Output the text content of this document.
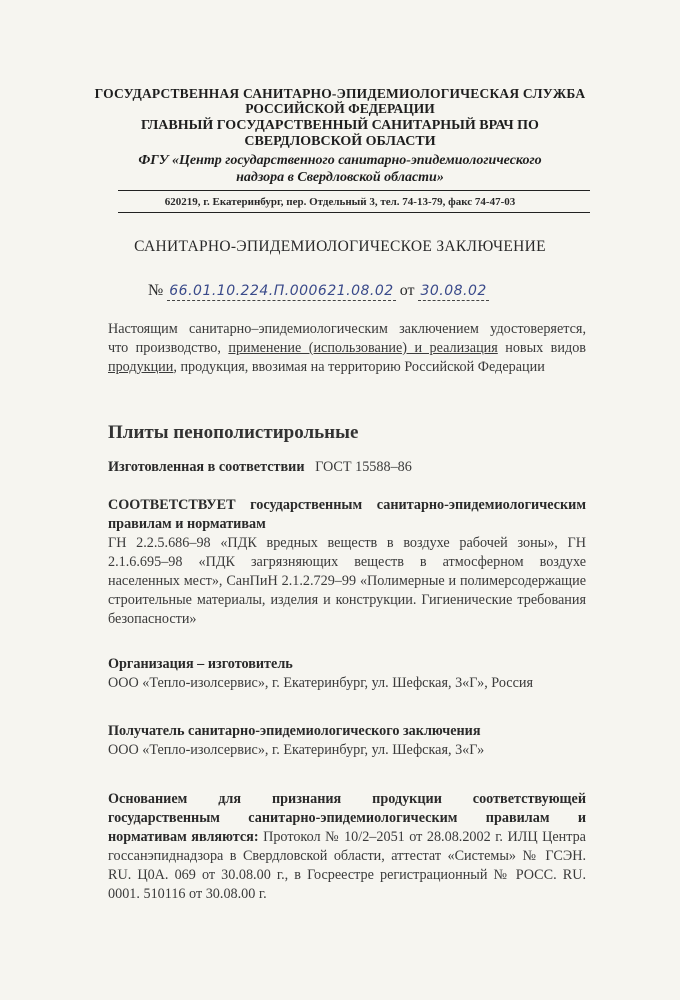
ГОСУДАРСТВЕННАЯ САНИТАРНО-ЭПИДЕМИОЛОГИЧЕСКАЯ СЛУЖБА
РОССИЙСКОЙ ФЕДЕРАЦИИ
ГЛАВНЫЙ ГОСУДАРСТВЕННЫЙ САНИТАРНЫЙ ВРАЧ ПО
СВЕРДЛОВСКОЙ ОБЛАСТИ
ФГУ «Центр государственного санитарно-эпидемиологического
надзора в Свердловской области»
620219, г. Екатеринбург, пер. Отдельный 3, тел. 74-13-79, факс 74-47-03
САНИТАРНО-ЭПИДЕМИОЛОГИЧЕСКОЕ ЗАКЛЮЧЕНИЕ
№ 66.01.10.224.П.000621.08.02 от 30.08.02
Настоящим санитарно–эпидемиологическим заключением удостоверяется, что производство, применение (использование) и реализация новых видов продукции, продукция, ввозимая на территорию Российской Федерации
Плиты пенополистирольные
Изготовленная в соответствии ГОСТ 15588–86
СООТВЕТСТВУЕТ государственным санитарно-эпидемиологическим правилам и нормативам
ГН 2.2.5.686–98 «ПДК вредных веществ в воздухе рабочей зоны», ГН 2.1.6.695–98 «ПДК загрязняющих веществ в атмосферном воздухе населенных мест», СанПиН 2.1.2.729–99 «Полимерные и полимерсодержащие строительные материалы, изделия и конструкции. Гигиенические требования безопасности»
Организация – изготовитель
ООО «Тепло-изолсервис», г. Екатеринбург, ул. Шефская, 3«Г», Россия
Получатель санитарно-эпидемиологического заключения
ООО «Тепло-изолсервис», г. Екатеринбург, ул. Шефская, 3«Г»
Основанием для признания продукции соответствующей государственным санитарно-эпидемиологическим правилам и нормативам являются: Протокол № 10/2–2051 от 28.08.2002 г. ИЛЦ Центра госсанэпиднадзора в Свердловской области, аттестат «Системы» № ГСЭН. RU. Ц0А. 069 от 30.08.00 г., в Госреестре регистрационный № РОСС. RU. 0001. 510116 от 30.08.00 г.
